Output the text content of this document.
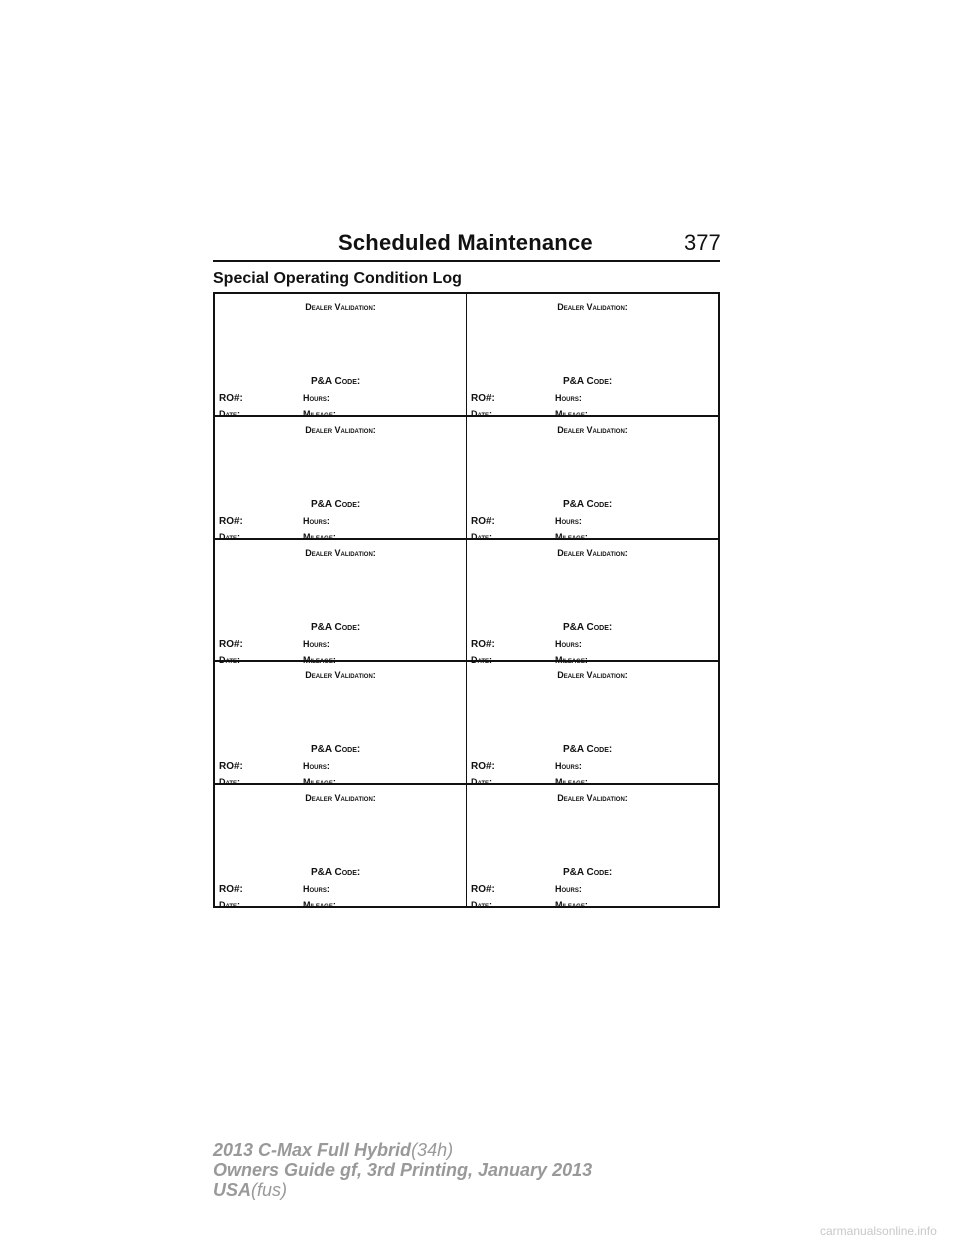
Scheduled Maintenance	377
Special Operating Condition Log
Dealer Validation:
P&A Code:
RO#:	Hours:
Date:	Mileage:
Dealer Validation:
P&A Code:
RO#:	Hours:
Date:	Mileage:
Dealer Validation:
P&A Code:
RO#:	Hours:
Date:	Mileage:
Dealer Validation:
P&A Code:
RO#:	Hours:
Date:	Mileage:
Dealer Validation:
P&A Code:
RO#:	Hours:
Date:	Mileage:
Dealer Validation:
P&A Code:
RO#:	Hours:
Date:	Mileage:
Dealer Validation:
P&A Code:
RO#:	Hours:
Date:	Mileage:
Dealer Validation:
P&A Code:
RO#:	Hours:
Date:	Mileage:
Dealer Validation:
P&A Code:
RO#:	Hours:
Date:	Mileage:
Dealer Validation:
P&A Code:
RO#:	Hours:
Date:	Mileage:
2013 C-Max Full Hybrid(34h)
Owners Guide gf, 3rd Printing, January 2013
USA(fus)
carmanualsonline.info
